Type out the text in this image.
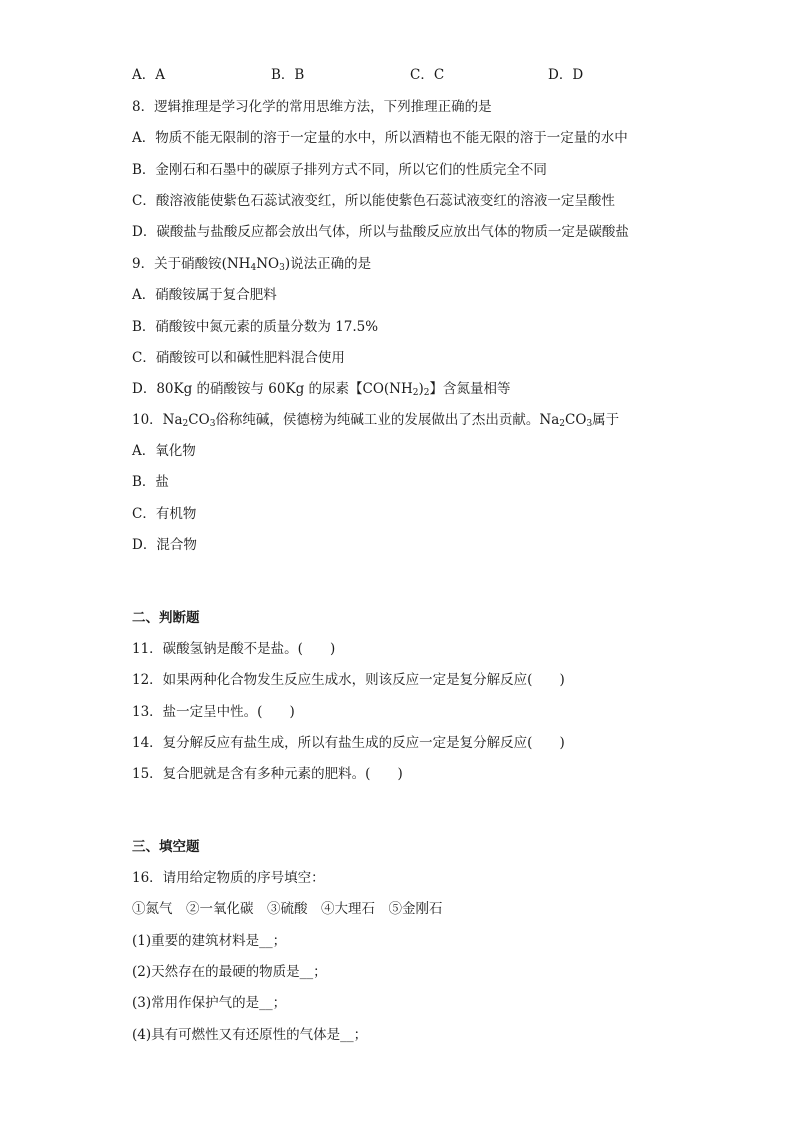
A．A	B．B	C．C	D．D
8．逻辑推理是学习化学的常用思维方法，下列推理正确的是
A．物质不能无限制的溶于一定量的水中，所以酒精也不能无限的溶于一定量的水中
B．金刚石和石墨中的碳原子排列方式不同，所以它们的性质完全不同
C．酸溶液能使紫色石蕊试液变红，所以能使紫色石蕊试液变红的溶液一定呈酸性
D．碳酸盐与盐酸反应都会放出气体，所以与盐酸反应放出气体的物质一定是碳酸盐
9．关于硝酸铵$(NH_4NO_3)$说法正确的是
A．硝酸铵属于复合肥料
B．硝酸铵中氮元素的质量分数为 17.5%
C．硝酸铵可以和碱性肥料混合使用
D．80Kg 的硝酸铵与 60Kg 的尿素【$CO(NH_2)_2$】含氮量相等
10．$Na_2CO_3$俗称纯碱，侯德榜为纯碱工业的发展做出了杰出贡献。$Na_2CO_3$属于
A．氧化物
B．盐
C．有机物
D．混合物
二、判断题
11．碳酸氢钠是酸不是盐。(　　)
12．如果两种化合物发生反应生成水，则该反应一定是复分解反应(　　)
13．盐一定呈中性。(　　)
14．复分解反应有盐生成，所以有盐生成的反应一定是复分解反应(　　)
15．复合肥就是含有多种元素的肥料。(　　)
三、填空题
16．请用给定物质的序号填空：
①氮气　②一氧化碳　③硫酸　④大理石　⑤金刚石
(1)重要的建筑材料是__；
(2)天然存在的最硬的物质是__；
(3)常用作保护气的是__；
(4)具有可燃性又有还原性的气体是__；
